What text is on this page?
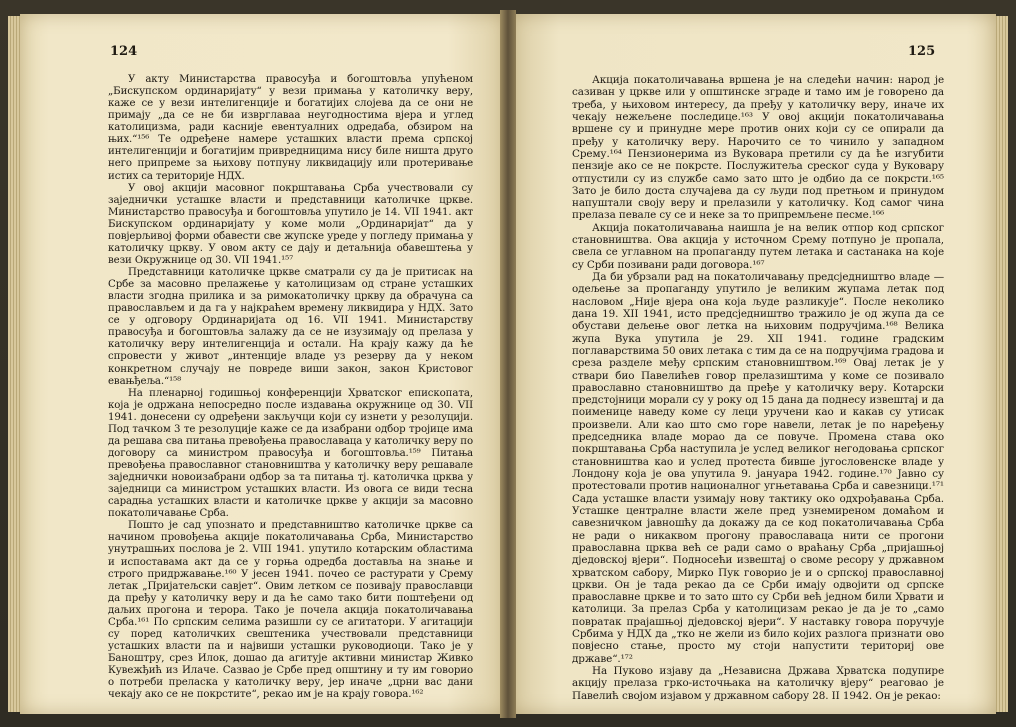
124

У акту Министарства правосуђа и богоштовља упућеном „Бискупском ординаријату“ у вези примања у католичку веру, каже се у вези интелигенције и богатијих слојева да се они не примају „да се не би изврглаваа неугодностима вјера и углед католицизма, ради касније евентуалних одредаба, обзиром на њих.“¹⁵⁶ Те одређене намере усташких власти према српској интелигенцији и богатијим привредницима нису биле ништа друго него припреме за њихову потпуну ликвидацију или протеривање истих са територије НДХ.

У овој акцији масовног покрштавања Срба учествовали су заједнички усташке власти и представници католичке цркве. Министарство правосуђа и богоштовља упутило је 14. VII 1941. акт Бискупском ординаријату у коме моли „Ординаријат“ да у повјерљивој форми обавести све жупске уреде у погледу примања у католичку цркву. У овом акту се дају и детаљнија обавештења у вези Окружнице од 30. VII 1941.¹⁵⁷

Представници католичке цркве сматрали су да је притисак на Србе за масовно прелажење у католицизам од стране усташких власти згодна прилика и за римокатоличку цркву да обрачуна са православљем и да га у најкраћем времену ликвидира у НДХ. Зато се у одговору Ординаријата од 16. VII 1941. Министарству правосуђа и богоштовља залажу да се не изузимају од прелаза у католичку веру интелигенција и остали. На крају кажу да ће спровести у живот „интенције владе уз резерву да у неком конкретном случају не повреде виши закон, закон Кристовог евањђеља.“¹⁵⁸

На пленарној годишњој конференцији Хрватског епископата, која је одржана непосредно после издавања окружнице од 30. VII 1941. донесени су одређени закључци који су изнети у резолуцији. Под тачком 3 те резолуције каже се да изабрани одбор тројице има да решава сва питања превођења православаца у католичку веру по договору са министром правосуђа и богоштовља.¹⁵⁹ Питања превођења православног становништва у католичку веру решавале заједнички новоизабрани одбор за та питања тј. католичка црква у заједници са министром усташких власти. Из овога се види тесна сарадња усташких власти и католичке цркве у акцији за масовно покатоличавање Срба.

Пошто је сад упознато и представништво католичке цркве са начином провођења акције покатоличавања Срба, Министарство унутрашњих послова је 2. VIII 1941. упутило котарским областима и испоставама акт да се у горња одредба доставља на знање и строго придржавање.¹⁶⁰ У јесен 1941. почео се растурати у Срему летак „Пријатељски савјет“. Овим летком се позивају православци да пређу у католичку веру и да ће само тако бити поштеђени од даљих прогона и терора. Тако је почела акција покатоличавања Срба.¹⁶¹ По српским селима разишли су се агитатори. У агитацији су поред католичких свештеника учествовали представници усташких власти па и највиши усташки руководиоци. Тако је у Баноштру, срез Илок, дошао да агитује активни министар Живко Кувежђић из Илаче. Сазвао је Србе пред општину и ту им говорио о потреби преласка у католичку веру, јер иначе „црни вас дани чекају ако се не покрстите“, рекао им је на крају говора.¹⁶²

125

Акција покатоличавања вршена је на следећи начин: народ је сазиван у цркве или у општинске зграде и тамо им је говорено да треба, у њиховом интересу, да пређу у католичку веру, иначе их чекају нежељене последице.¹⁶³ У овој акцији покатоличавања вршене су и принудне мере против оних који су се опирали да пређу у католичку веру. Нарочито се то чинило у западном Срему.¹⁶⁴ Пензионерима из Вуковара претили су да ће изгубити пензије ако се не покрсте. Послужитеља среског суда у Вуковару отпустили су из службе само зато што је одбио да се покрсти.¹⁶⁵ Зато је било доста случајева да су људи под претњом и принудом напуштали своју веру и прелазили у католичку. Код самог чина прелаза певале су се и неке за то припремљене песме.¹⁶⁶

Акција покатоличавања наишла је на велик отпор код српског становништва. Ова акција у источном Срему потпуно је пропала, свела се углавном на пропаганду путем летака и састанака на које су Срби позивани ради договора.¹⁶⁷

Да би убрзали рад на покатоличавању предсједништво владе — одељење за пропаганду упутило је великим жупама летак под насловом „Није вјера она која људе разликује“. После неколико дана 19. XII 1941, исто предсједништво тражило је од жупа да се обустави дељење овог летка на њиховим подручјима.¹⁶⁸ Велика жупа Вука упутила је 29. XII 1941. године градским поглаварствима 50 ових летака с тим да се на подручјима градова и среза разделе међу српским становништвом.¹⁶⁹ Овај летак је у ствари био Павелићев говор прелазиштима у коме се позивало православно становништво да пређе у католичку веру. Котарски предстојници морали су у року од 15 дана да поднесу извештај и да поименице наведу коме су леци уручени као и какав су утисак произвели. Али као што смо горе навели, летак је по наређењу председника владе морао да се повуче. Промена става око покрштавања Срба наступила је услед великог негодовања српског становништва као и услед протеста бивше југословенске владе у Лондону која је ова упутила 9. јануара 1942. године.¹⁷⁰ Јавно су протестовали против националног угњетавања Срба и савезници.¹⁷¹ Сада усташке власти узимају нову тактику око одхрођавања Срба. Усташке централне власти желе пред узнемиреном домаћом и савезничком јавношћу да докажу да се код покатоличавања Срба не ради о никаквом прогону православаца нити се прогони православна црква већ се ради само о враћању Срба „пријашњој дједовској вјери“. Подносећи извештај о своме ресору у државном хрватском сабору, Мирко Пук говорио је и о српској православној цркви. Он је тада рекао да се Срби имају одвојити од српске православне цркве и то зато што су Срби већ једном били Хрвати и католици. За прелаз Срба у католицизам рекао је да је то „само повратак прајашњој дједовској вјери“. У наставку говора поручује Србима у НДХ да „тко не жели из било којих разлога признати ово повјесно стање, просто му стоји напустити териториј ове државе“.¹⁷²

На Пуково изјаву да „Независна Држава Хрватска подупире акцију прелаза грко-источњака на католичку вјеру“ реаговао је Павелић својом изјавом у државном сабору 28. II 1942. Он је рекао:
